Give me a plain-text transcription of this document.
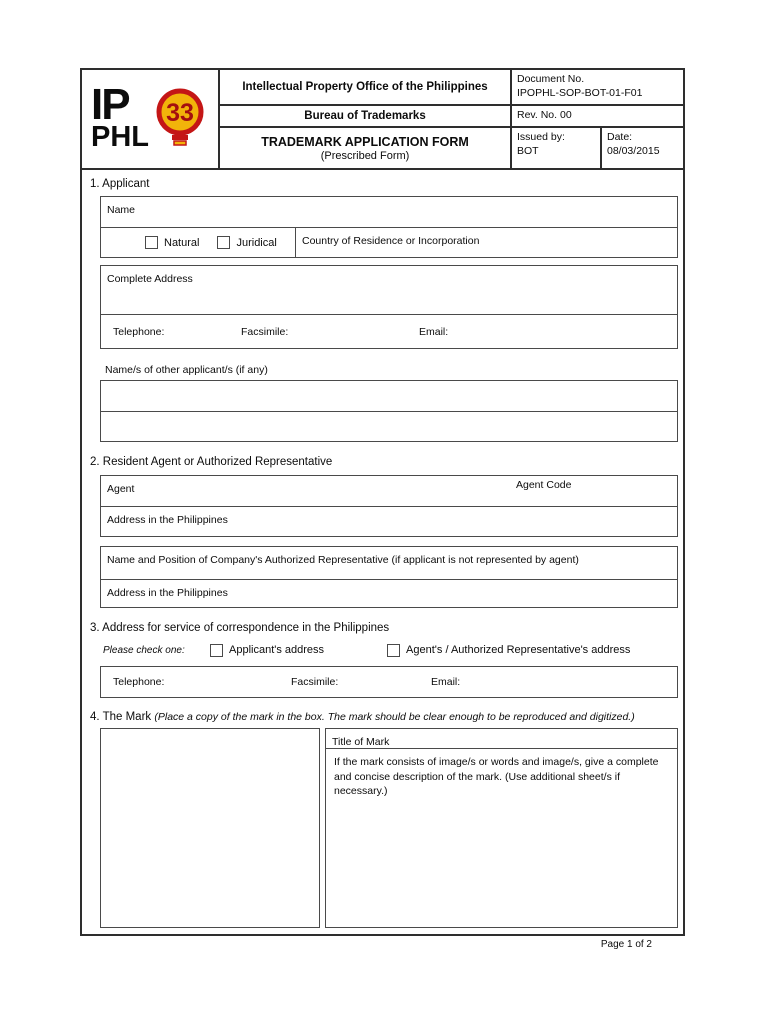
IP
PHL
33
Intellectual Property Office of the Philippines
Bureau of Trademarks
TRADEMARK APPLICATION FORM
(Prescribed Form)
Document No.
IPOPHL-SOP-BOT-01-F01
Rev. No. 00
Issued by:
BOT
Date:
08/03/2015
1. Applicant
Name
Natural	Juridical	Country of Residence or Incorporation
Complete Address
Telephone:	Facsimile:	Email:
Name/s of other applicant/s (if any)
2. Resident Agent or Authorized Representative
Agent	Agent Code
Address in the Philippines
Name and Position of Company's Authorized Representative (if applicant is not represented by agent)
Address in the Philippines
3. Address for service of correspondence in the Philippines
Please check one:	Applicant's address	Agent's / Authorized Representative's address
Telephone:	Facsimile:	Email:
4. The Mark (Place a copy of the mark in the box. The mark should be clear enough to be reproduced and digitized.)
Title of Mark
If the mark consists of image/s or words and image/s, give a complete and concise description of the mark. (Use additional sheet/s if necessary.)
Page 1 of 2
